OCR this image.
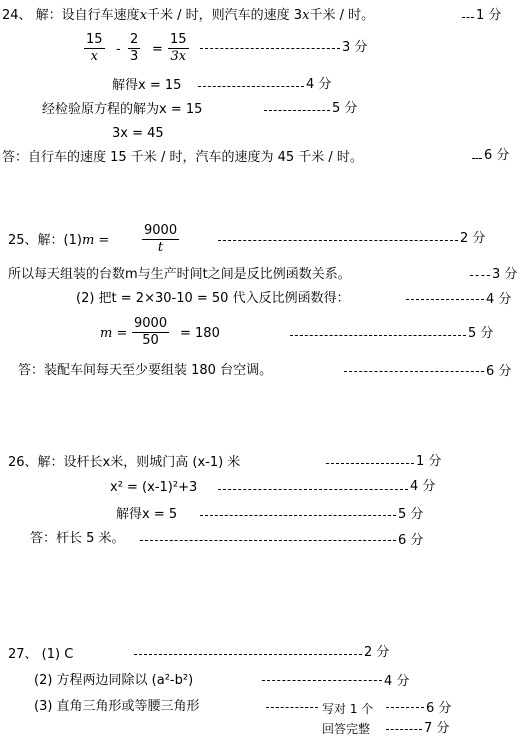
24、 解：设自行车速度x千米 / 时，则汽车的速度 3x千米 / 时。	1 分
$\frac{15}{x} - \frac{2}{3} = \frac{15}{3x}$	3 分
解得x = 15	4 分
经检验原方程的解为x = 15	5 分
3x = 45
答：自行车的速度 15 千米 / 时，汽车的速度为 45 千米 / 时。	6 分
25、解：(1)m =	$\frac{9000}{t}$	2 分
所以每天组装的台数m与生产时间t之间是反比例函数关系。	3 分
(2) 把t = 2×30-10 = 50 代入反比例函数得：	4 分
$m = \frac{9000}{50} = 180$	5 分
答：装配车间每天至少要组装 180 台空调。	6 分
26、解：设杆长x米，则城门高 (x-1) 米	1 分
x² = (x-1)²+3	4 分
解得x = 5	5 分
答：杆长 5 米。	6 分
27、 (1) C	2 分
(2) 方程两边同除以 (a²-b²)	4 分
(3) 直角三角形或等腰三角形	写对 1 个	6 分
回答完整	7 分
